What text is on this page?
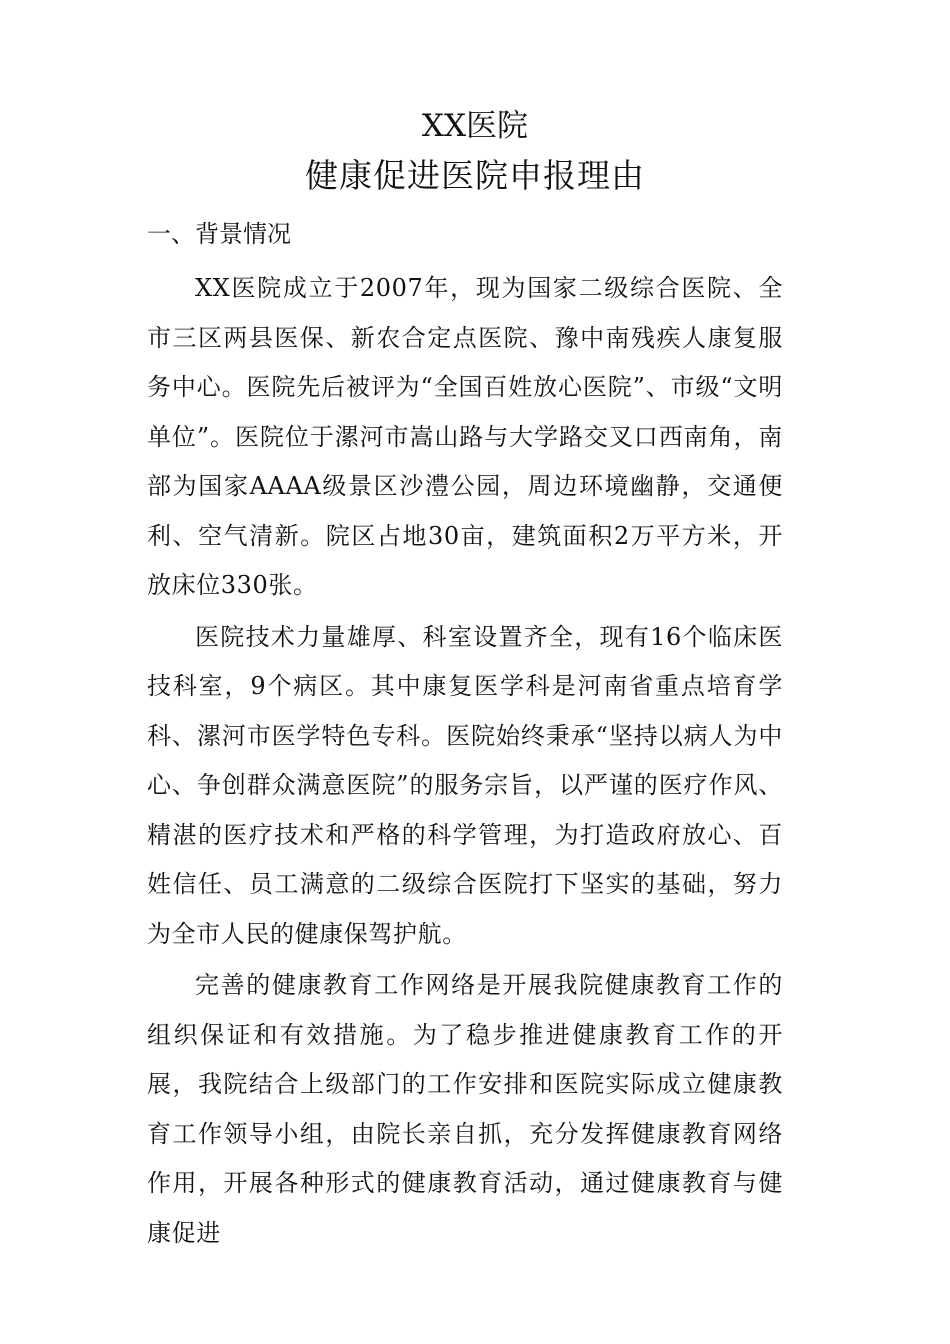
XX医院
健康促进医院申报理由
一、背景情况

XX医院成立于2007年，现为国家二级综合医院、全市三区两县医保、新农合定点医院、豫中南残疾人康复服务中心。医院先后被评为“全国百姓放心医院”、市级“文明单位”。医院位于漯河市嵩山路与大学路交叉口西南角，南部为国家AAAA级景区沙澧公园，周边环境幽静，交通便利、空气清新。院区占地30亩，建筑面积2万平方米，开放床位330张。

医院技术力量雄厚、科室设置齐全，现有16个临床医技科室，9个病区。其中康复医学科是河南省重点培育学科、漯河市医学特色专科。医院始终秉承“坚持以病人为中心、争创群众满意医院”的服务宗旨，以严谨的医疗作风、精湛的医疗技术和严格的科学管理，为打造政府放心、百姓信任、员工满意的二级综合医院打下坚实的基础，努力为全市人民的健康保驾护航。

完善的健康教育工作网络是开展我院健康教育工作的组织保证和有效措施。为了稳步推进健康教育工作的开展，我院结合上级部门的工作安排和医院实际成立健康教育工作领导小组，由院长亲自抓，充分发挥健康教育网络作用，开展各种形式的健康教育活动，通过健康教育与健康促进
